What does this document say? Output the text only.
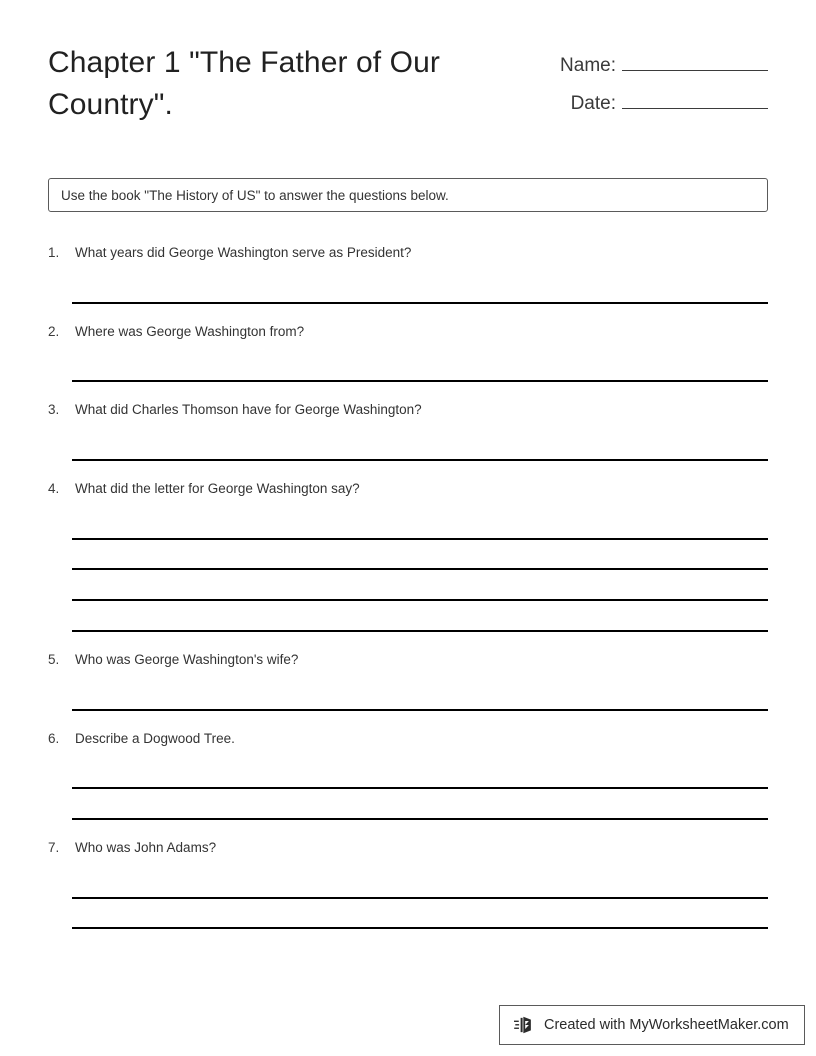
Chapter 1 "The Father of Our Country".
Name:
Date:
Use the book "The History of US" to answer the questions below.
1.	What years did George Washington serve as President?
2.	Where was George Washington from?
3.	What did Charles Thomson have for George Washington?
4.	What did the letter for George Washington say?
5.	Who was George Washington's wife?
6.	Describe a Dogwood Tree.
7.	Who was John Adams?
Created with MyWorksheetMaker.com
